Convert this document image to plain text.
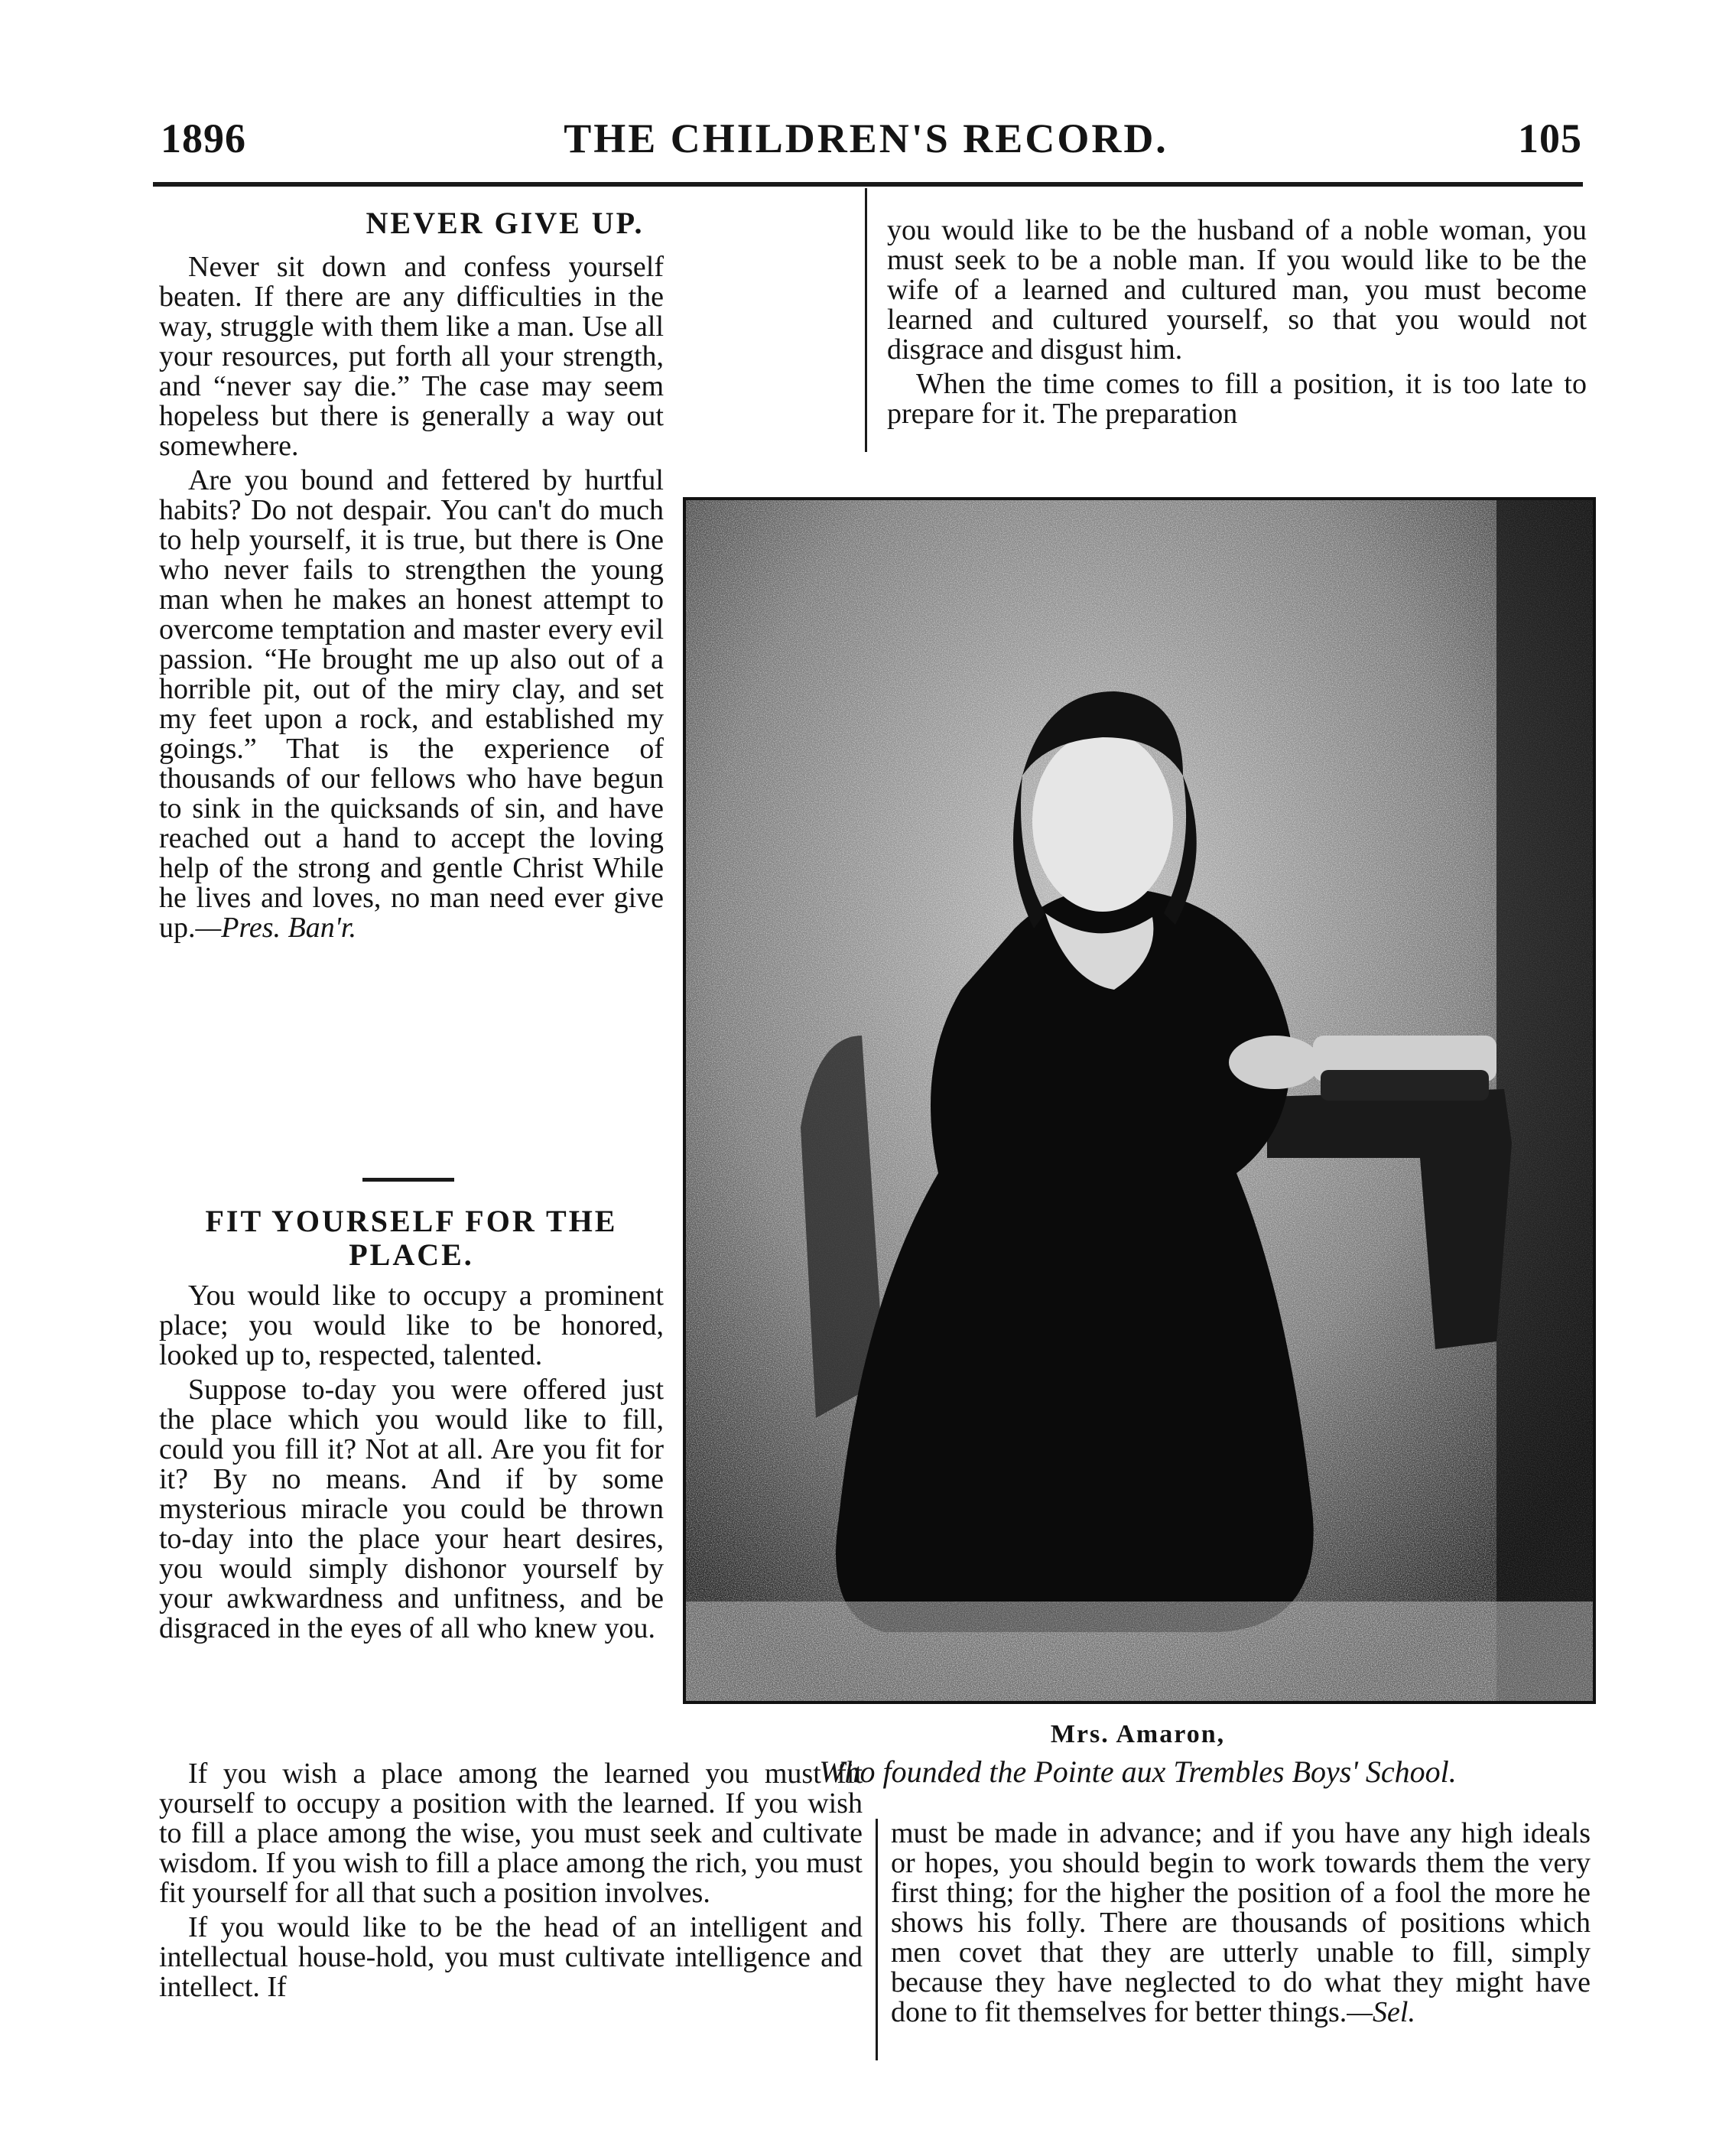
1896	THE CHILDREN'S RECORD.	105
NEVER GIVE UP.

Never sit down and confess yourself beaten. If there are any difficulties in the way, struggle with them like a man. Use all your resources, put forth all your strength, and “never say die.” The case may seem hopeless but there is generally a way out somewhere.

Are you bound and fettered by hurtful habits? Do not despair. You can't do much to help yourself, it is true, but there is One who never fails to strengthen the young man when he makes an honest attempt to overcome temptation and master every evil passion. “He brought me up also out of a horrible pit, out of the miry clay, and set my feet upon a rock, and established my goings.” That is the experience of thousands of our fellows who have begun to sink in the quicksands of sin, and have reached out a hand to accept the loving help of the strong and gentle Christ While he lives and loves, no man need ever give up.—Pres. Ban'r.

FIT YOURSELF FOR THE PLACE.

You would like to occupy a prominent place; you would like to be honored, looked up to, respected, talented.

Suppose to-day you were offered just the place which you would like to fill, could you fill it? Not at all. Are you fit for it? By no means. And if by some mysterious miracle you could be thrown to-day into the place your heart desires, you would simply dishonor yourself by your awkwardness and unfitness, and be disgraced in the eyes of all who knew you.

If you wish a place among the learned you must fit yourself to occupy a position with the learned. If you wish to fill a place among the wise, you must seek and cultivate wisdom. If you wish to fill a place among the rich, you must fit yourself for all that such a position involves.

If you would like to be the head of an intelligent and intellectual house-hold, you must cultivate intelligence and intellect. If

you would like to be the husband of a noble woman, you must seek to be a noble man. If you would like to be the wife of a learned and cultured man, you must become learned and cultured yourself, so that you would not disgrace and disgust him.

When the time comes to fill a position, it is too late to prepare for it. The preparation

Mrs. Amaron,
Who founded the Pointe aux Trembles Boys' School.

must be made in advance; and if you have any high ideals or hopes, you should begin to work towards them the very first thing; for the higher the position of a fool the more he shows his folly. There are thousands of positions which men covet that they are utterly unable to fill, simply because they have neglected to do what they might have done to fit themselves for better things.—Sel.
